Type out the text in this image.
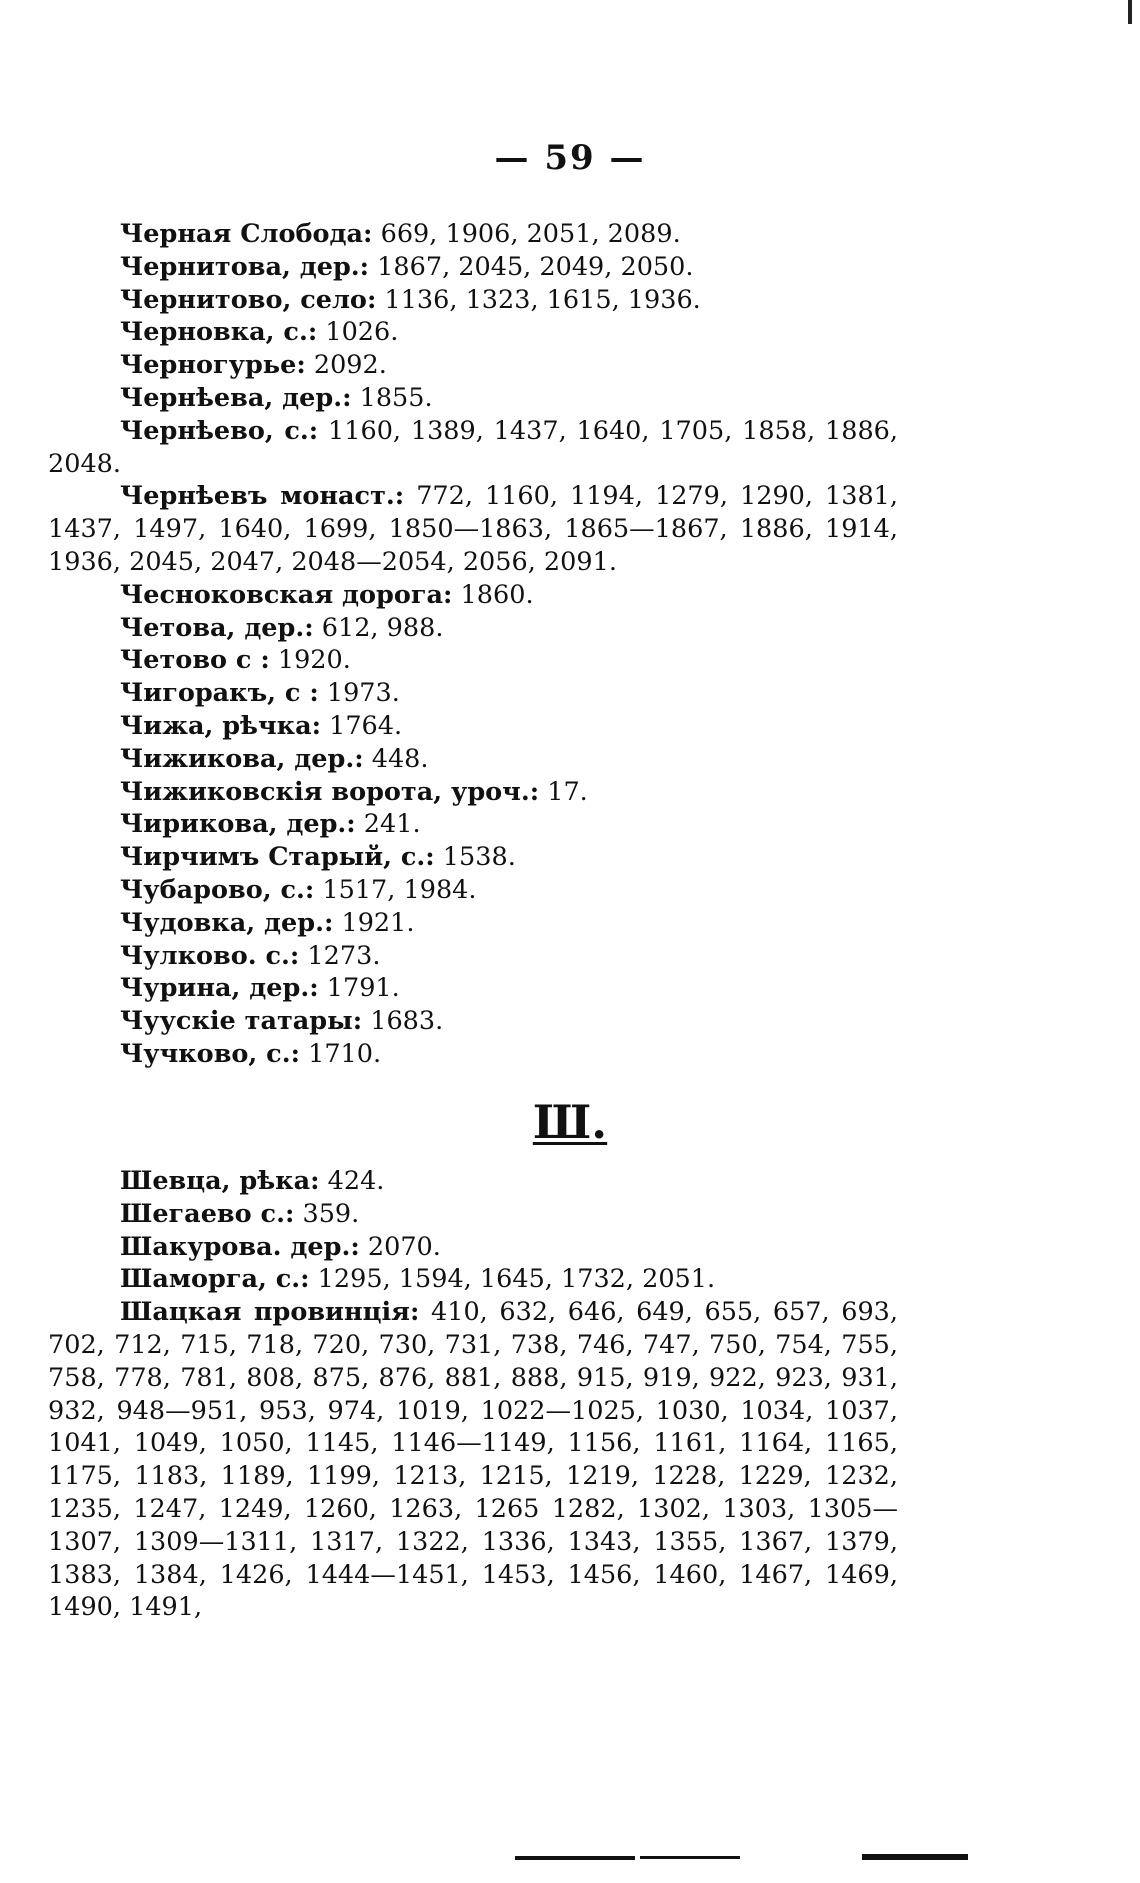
— 59 —

Черная Слобода: 669, 1906, 2051, 2089.

Чернитова, дер.: 1867, 2045, 2049, 2050.

Чернитово, село: 1136, 1323, 1615, 1936.

Черновка, с.: 1026.

Черногурье: 2092.

Чернѣева, дер.: 1855.

Чернѣево, с.: 1160, 1389, 1437, 1640, 1705, 1858, 1886, 2048.

Чернѣевъ монаст.: 772, 1160, 1194, 1279, 1290, 1381, 1437, 1497, 1640, 1699, 1850—1863, 1865—1867, 1886, 1914, 1936, 2045, 2047, 2048—2054, 2056, 2091.

Чесноковская дорога: 1860.

Четова, дер.: 612, 988.

Четово с : 1920.

Чигоракъ, с : 1973.

Чижа, рѣчка: 1764.

Чижикова, дер.: 448.

Чижиковскія ворота, уроч.: 17.

Чирикова, дер.: 241.

Чирчимъ Старый, с.: 1538.

Чубарово, с.: 1517, 1984.

Чудовка, дер.: 1921.

Чулково. с.: 1273.

Чурина, дер.: 1791.

Чуускіе татары: 1683.

Чучково, с.: 1710.

Ш.

Шевца, рѣка: 424.

Шегаево с.: 359.

Шакурова. дер.: 2070.

Шаморга, с.: 1295, 1594, 1645, 1732, 2051.

Шацкая провинція: 410, 632, 646, 649, 655, 657, 693, 702, 712, 715, 718, 720, 730, 731, 738, 746, 747, 750, 754, 755, 758, 778, 781, 808, 875, 876, 881, 888, 915, 919, 922, 923, 931, 932, 948—951, 953, 974, 1019, 1022—1025, 1030, 1034, 1037, 1041, 1049, 1050, 1145, 1146—1149, 1156, 1161, 1164, 1165, 1175, 1183, 1189, 1199, 1213, 1215, 1219, 1228, 1229, 1232, 1235, 1247, 1249, 1260, 1263, 1265 1282, 1302, 1303, 1305—1307, 1309—1311, 1317, 1322, 1336, 1343, 1355, 1367, 1379, 1383, 1384, 1426, 1444—1451, 1453, 1456, 1460, 1467, 1469, 1490, 1491,
